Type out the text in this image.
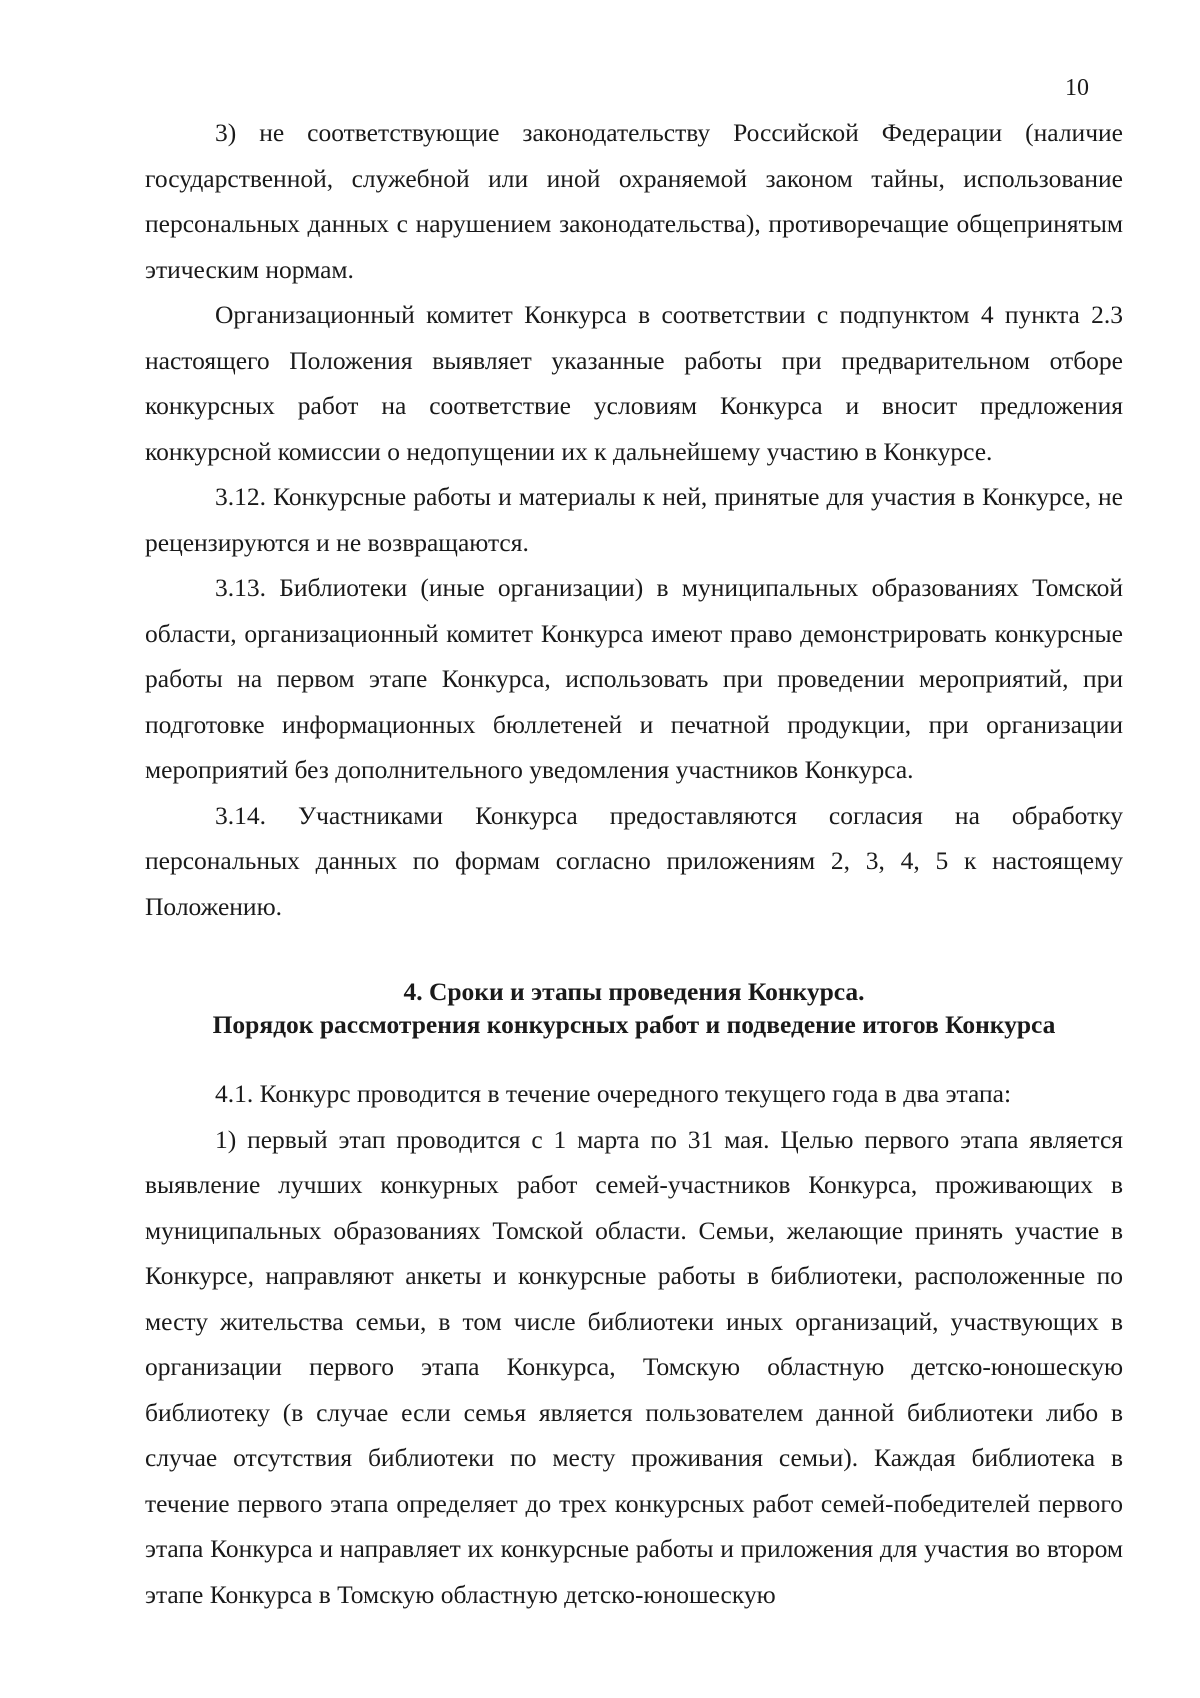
10

3) не соответствующие законодательству Российской Федерации (наличие государственной, служебной или иной охраняемой законом тайны, использование персональных данных с нарушением законодательства), противоречащие общепринятым этическим нормам.

Организационный комитет Конкурса в соответствии с подпунктом 4 пункта 2.3 настоящего Положения выявляет указанные работы при предварительном отборе конкурсных работ на соответствие условиям Конкурса и вносит предложения конкурсной комиссии о недопущении их к дальнейшему участию в Конкурсе.

3.12. Конкурсные работы и материалы к ней, принятые для участия в Конкурсе, не рецензируются и не возвращаются.

3.13. Библиотеки (иные организации) в муниципальных образованиях Томской области, организационный комитет Конкурса имеют право демонстрировать конкурсные работы на первом этапе Конкурса, использовать при проведении мероприятий, при подготовке информационных бюллетеней и печатной продукции, при организации мероприятий без дополнительного уведомления участников Конкурса.

3.14. Участниками Конкурса предоставляются согласия на обработку персональных данных по формам согласно приложениям 2, 3, 4, 5 к настоящему Положению.

4. Сроки и этапы проведения Конкурса.
Порядок рассмотрения конкурсных работ и подведение итогов Конкурса

4.1. Конкурс проводится в течение очередного текущего года в два этапа:

1) первый этап проводится с 1 марта по 31 мая. Целью первого этапа является выявление лучших конкурных работ семей-участников Конкурса, проживающих в муниципальных образованиях Томской области. Семьи, желающие принять участие в Конкурсе, направляют анкеты и конкурсные работы в библиотеки, расположенные по месту жительства семьи, в том числе библиотеки иных организаций, участвующих в организации первого этапа Конкурса, Томскую областную детско-юношескую библиотеку (в случае если семья является пользователем данной библиотеки либо в случае отсутствия библиотеки по месту проживания семьи). Каждая библиотека в течение первого этапа определяет до трех конкурсных работ семей-победителей первого этапа Конкурса и направляет их конкурсные работы и приложения для участия во втором этапе Конкурса в Томскую областную детско-юношескую
